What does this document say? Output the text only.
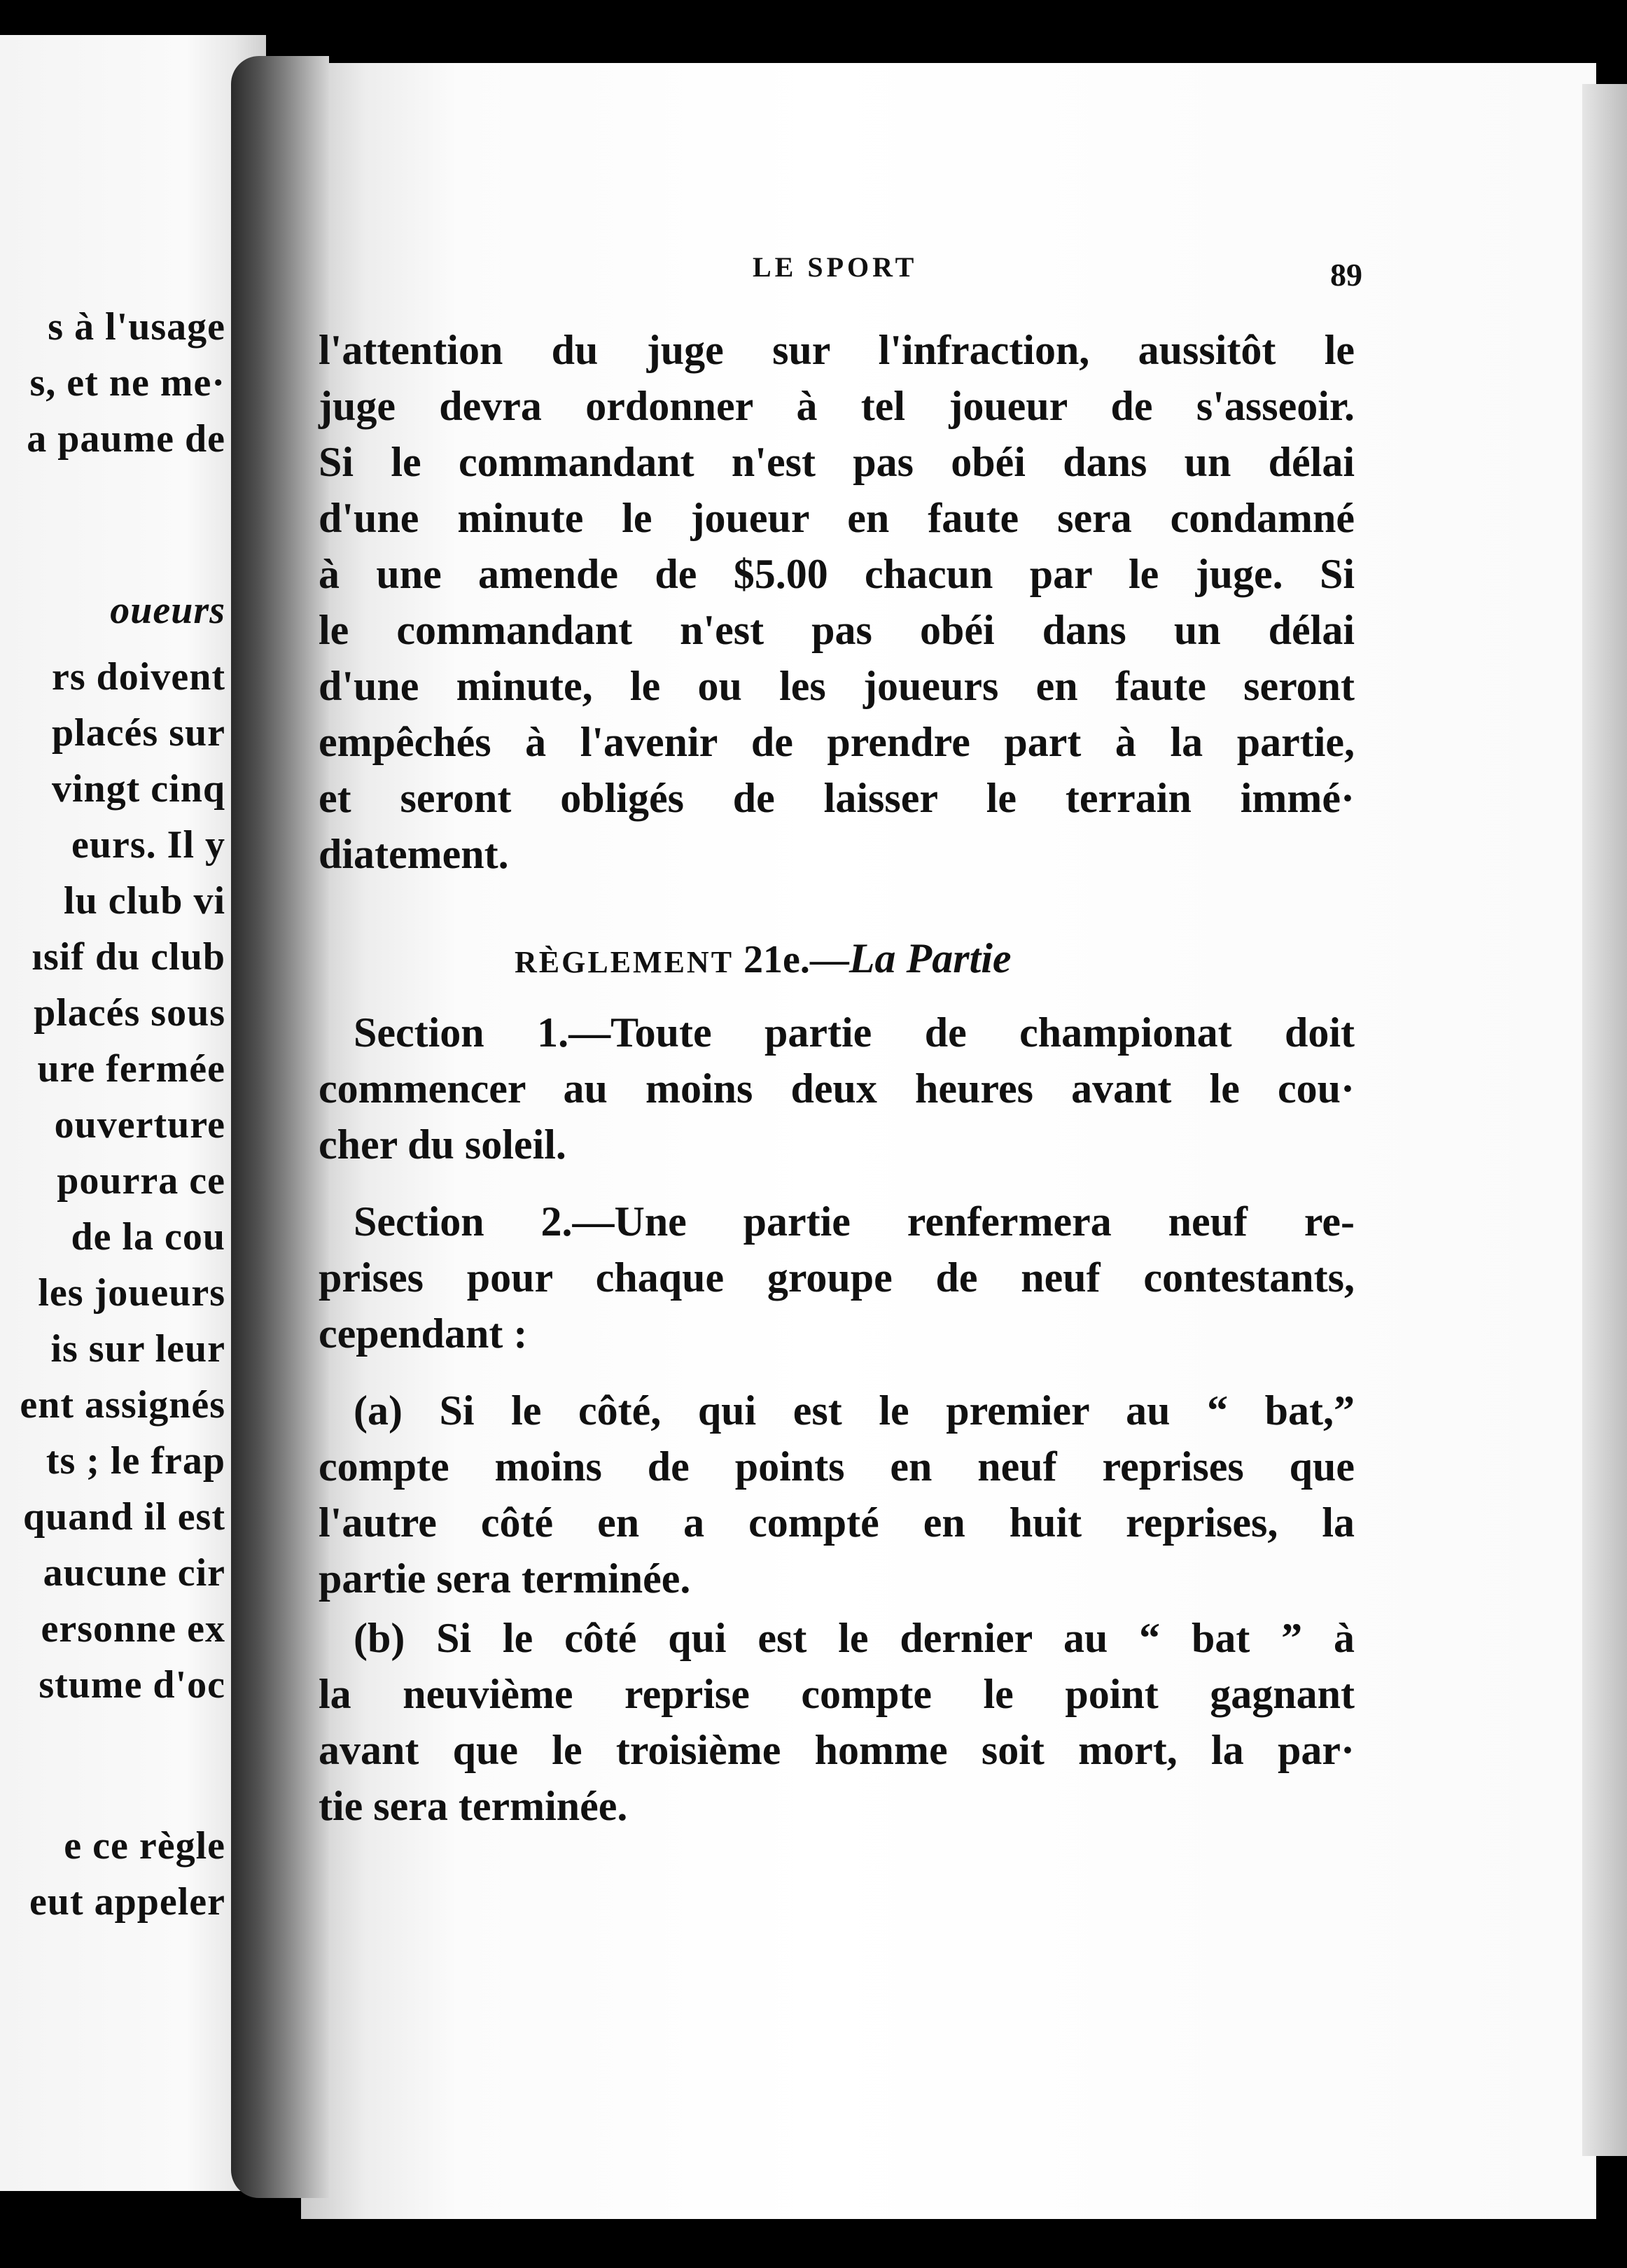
s à l'usage
s, et ne me·
a paume de
oueurs
rs doivent
placés sur
vingt cinq
eurs. Il y
lu club vi
ısif du club
placés sous
ure fermée
ouverture
pourra ce
de la cou
les joueurs
is sur leur
ent assignés
ts ; le frap
quand il est
aucune cir
ersonne ex
stume d'oc
e ce règle
eut appeler
LE SPORT	89
l'attention du juge sur l'infraction, aussitôt le
juge devra ordonner à tel joueur de s'asseoir.
Si le commandant n'est pas obéi dans un délai
d'une minute le joueur en faute sera condamné
à une amende de $5.00 chacun par le juge. Si
le commandant n'est pas obéi dans un délai
d'une minute, le ou les joueurs en faute seront
empêchés à l'avenir de prendre part à la partie,
et seront obligés de laisser le terrain immé·
diatement.
RÈGLEMENT 21e.—La Partie
Section 1.—Toute partie de championat doit
commencer au moins deux heures avant le cou·
cher du soleil.
Section 2.—Une partie renfermera neuf re-
prises pour chaque groupe de neuf contestants,
cependant :
(a) Si le côté, qui est le premier au “ bat,”
compte moins de points en neuf reprises que
l'autre côté en a compté en huit reprises, la
partie sera terminée.
(b) Si le côté qui est le dernier au “ bat ” à
la neuvième reprise compte le point gagnant
avant que le troisième homme soit mort, la par·
tie sera terminée.
